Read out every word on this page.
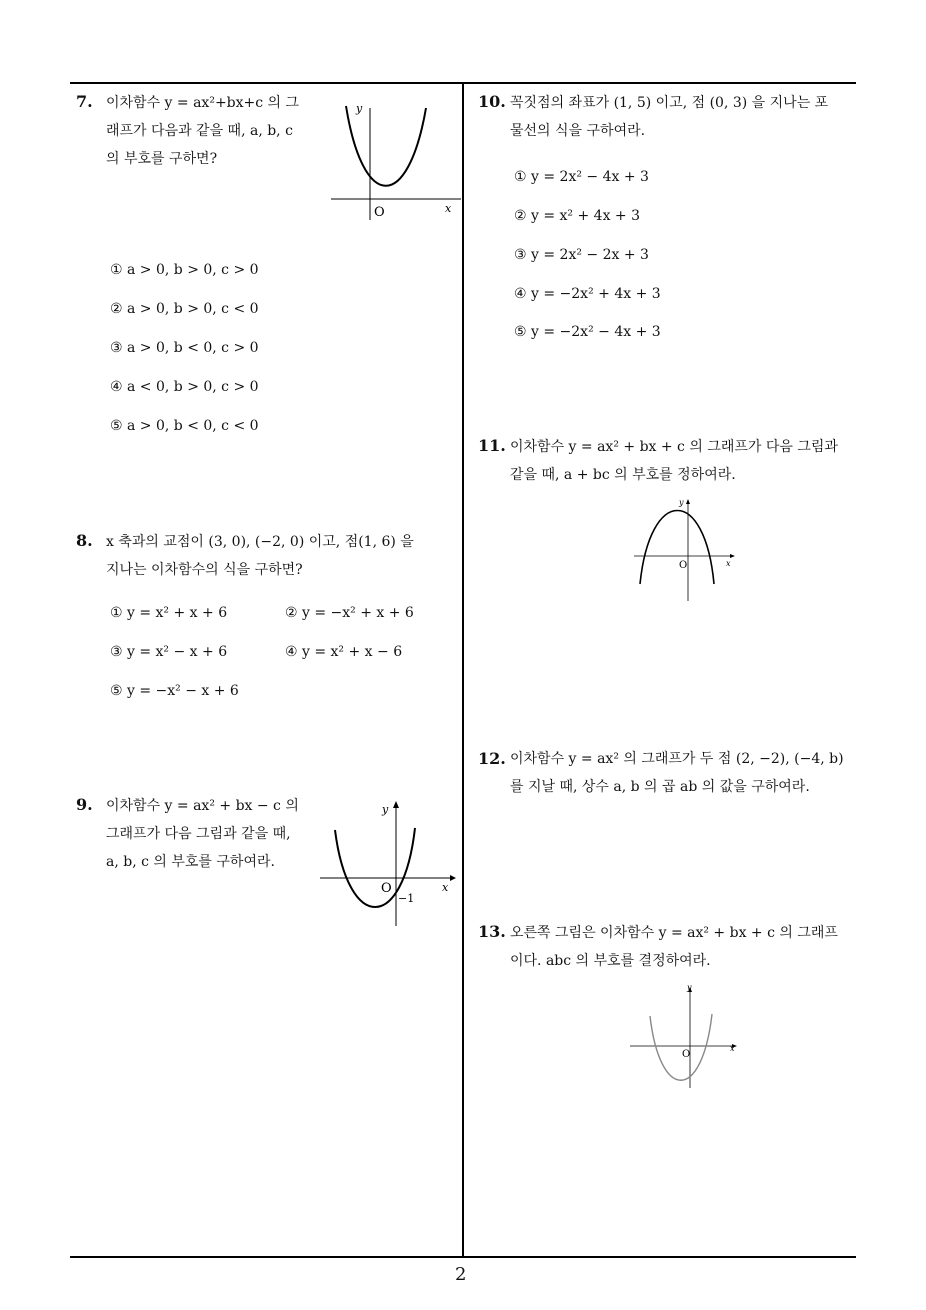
2
7. 이차함수 y = ax²+bx+c 의 그
래프가 다음과 같을 때, a, b, c
의 부호를 구하면?
y
x
O
① a > 0, b > 0, c > 0
② a > 0, b > 0, c < 0
③ a > 0, b < 0, c > 0
④ a < 0, b > 0, c > 0
⑤ a > 0, b < 0, c < 0
8. x 축과의 교점이 (3, 0), (−2, 0) 이고, 점(1, 6) 을
지나는 이차함수의 식을 구하면?
① y = x² + x + 6	② y = −x² + x + 6
③ y = x² − x + 6	④ y = x² + x − 6
⑤ y = −x² − x + 6
9. 이차함수 y = ax² + bx − c 의
그래프가 다음 그림과 같을 때,
a, b, c 의 부호를 구하여라.
y
x
O
−1
10. 꼭짓점의 좌표가 (1, 5) 이고, 점 (0, 3) 을 지나는 포
물선의 식을 구하여라.
① y = 2x² − 4x + 3
② y = x² + 4x + 3
③ y = 2x² − 2x + 3
④ y = −2x² + 4x + 3
⑤ y = −2x² − 4x + 3
11. 이차함수 y = ax² + bx + c 의 그래프가 다음 그림과
같을 때, a + bc 의 부호를 정하여라.
y
x
O
12. 이차함수 y = ax² 의 그래프가 두 점 (2, −2), (−4, b)
를 지날 때, 상수 a, b 의 곱 ab 의 값을 구하여라.
13. 오른쪽 그림은 이차함수 y = ax² + bx + c 의 그래프
이다. abc 의 부호를 결정하여라.
y
x
O
